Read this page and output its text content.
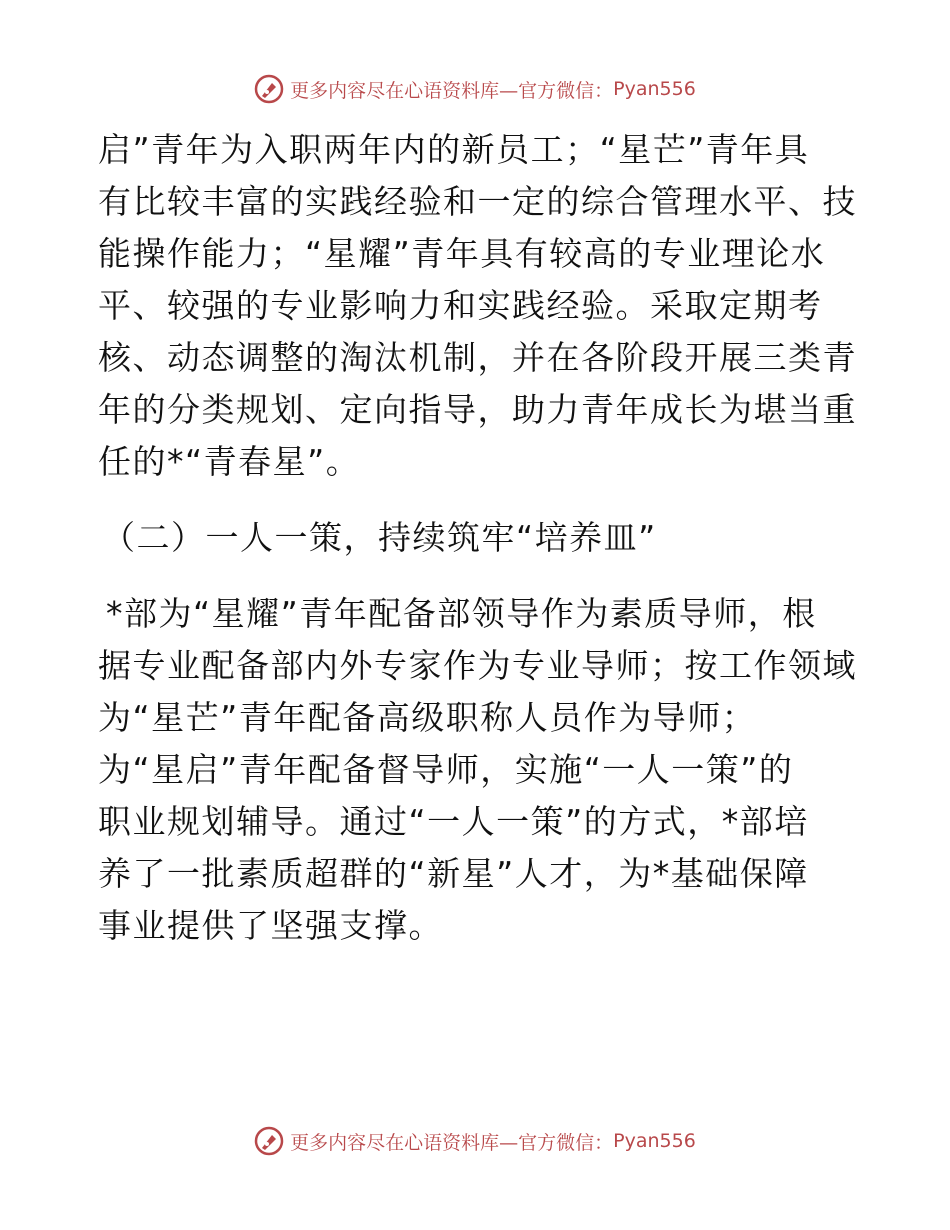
更多内容尽在心语资料库—官方微信： Pyan556
启”青年为入职两年内的新员工；“星芒”青年具
有比较丰富的实践经验和一定的综合管理水平、技
能操作能力；“星耀”青年具有较高的专业理论水
平、较强的专业影响力和实践经验。采取定期考
核、动态调整的淘汰机制，并在各阶段开展三类青
年的分类规划、定向指导，助力青年成长为堪当重
任的*“青春星”。
（二）一人一策，持续筑牢“培养皿”
*部为“星耀”青年配备部领导作为素质导师，根
据专业配备部内外专家作为专业导师；按工作领域
为“星芒”青年配备高级职称人员作为导师；
为“星启”青年配备督导师，实施“一人一策”的
职业规划辅导。通过“一人一策”的方式，*部培
养了一批素质超群的“新星”人才，为*基础保障
事业提供了坚强支撑。
更多内容尽在心语资料库—官方微信： Pyan556
